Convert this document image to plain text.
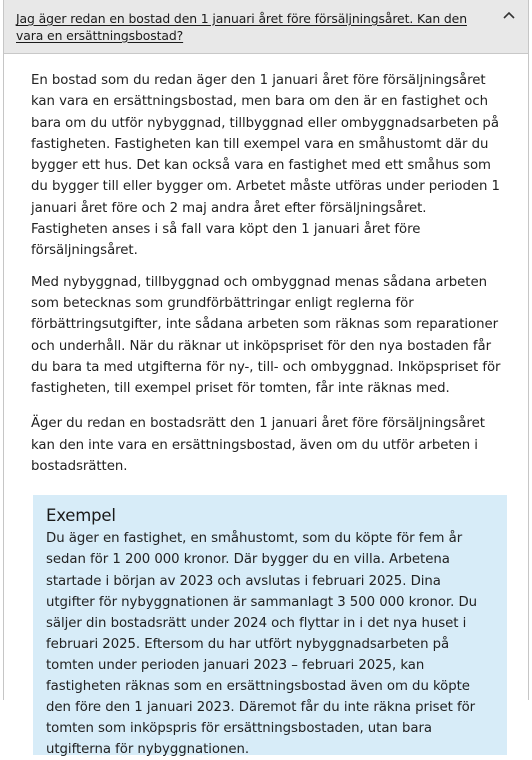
Jag äger redan en bostad den 1 januari året före försäljningsåret. Kan den vara en ersättningsbostad?

En bostad som du redan äger den 1 januari året före försäljningsåret kan vara en ersättningsbostad, men bara om den är en fastighet och bara om du utför nybyggnad, tillbyggnad eller ombyggnadsarbeten på fastigheten. Fastigheten kan till exempel vara en småhustomt där du bygger ett hus. Det kan också vara en fastighet med ett småhus som du bygger till eller bygger om. Arbetet måste utföras under perioden 1 januari året före och 2 maj andra året efter försäljningsåret. Fastigheten anses i så fall vara köpt den 1 januari året före försäljningsåret.

Med nybyggnad, tillbyggnad och ombyggnad menas sådana arbeten som betecknas som grundförbättringar enligt reglerna för förbättringsutgifter, inte sådana arbeten som räknas som reparationer och underhåll. När du räknar ut inköpspriset för den nya bostaden får du bara ta med utgifterna för ny-, till- och ombyggnad. Inköpspriset för fastigheten, till exempel priset för tomten, får inte räknas med.

Äger du redan en bostadsrätt den 1 januari året före försäljningsåret kan den inte vara en ersättningsbostad, även om du utför arbeten i bostadsrätten.

Exempel

Du äger en fastighet, en småhustomt, som du köpte för fem år sedan för 1 200 000 kronor. Där bygger du en villa. Arbetena startade i början av 2023 och avslutas i februari 2025. Dina utgifter för nybyggnationen är sammanlagt 3 500 000 kronor. Du säljer din bostadsrätt under 2024 och flyttar in i det nya huset i februari 2025. Eftersom du har utfört nybyggnadsarbeten på tomten under perioden januari 2023 – februari 2025, kan fastigheten räknas som en ersättningsbostad även om du köpte den före den 1 januari 2023. Däremot får du inte räkna priset för tomten som inköpspris för ersättningsbostaden, utan bara utgifterna för nybyggnationen.
